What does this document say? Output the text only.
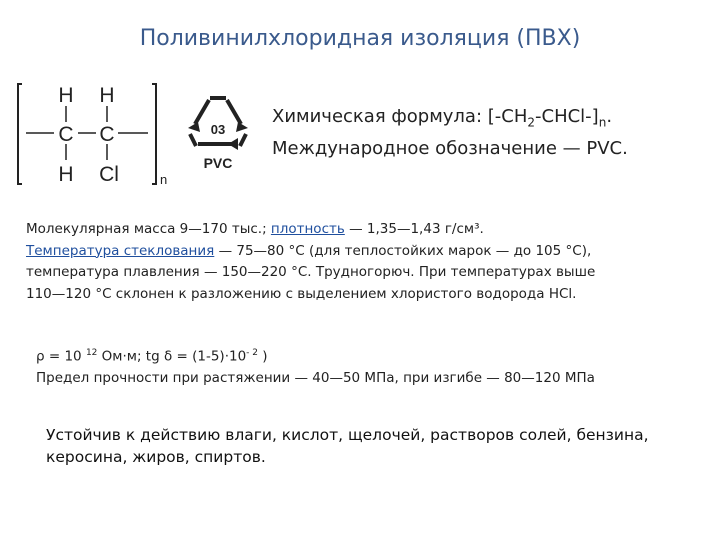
Поливинилхлоридная изоляция (ПВХ)
H H
C C
H Cl	n
03
PVC
Химическая формула: $[-CH_2-CHCl-]_n$.
Международное обозначение — PVC.
Молекулярная масса 9—170 тыс.; плотность — 1,35—1,43 г/см³.
Температура стеклования — 75—80 °С (для теплостойких марок — до 105 °С),
температура плавления — 150—220 °С. Трудногорюч. При температурах выше
110—120 °С склонен к разложению с выделением хлористого водорода HCl.
ρ = 10 $^{12}$ Ом·м; tg $\delta = (1-5)\cdot 10^{- 2}$ )
Предел прочности при растяжении — 40—50 МПа, при изгибе — 80—120 МПа
Устойчив к действию влаги, кислот, щелочей, растворов солей, бензина,
керосина, жиров, спиртов.
